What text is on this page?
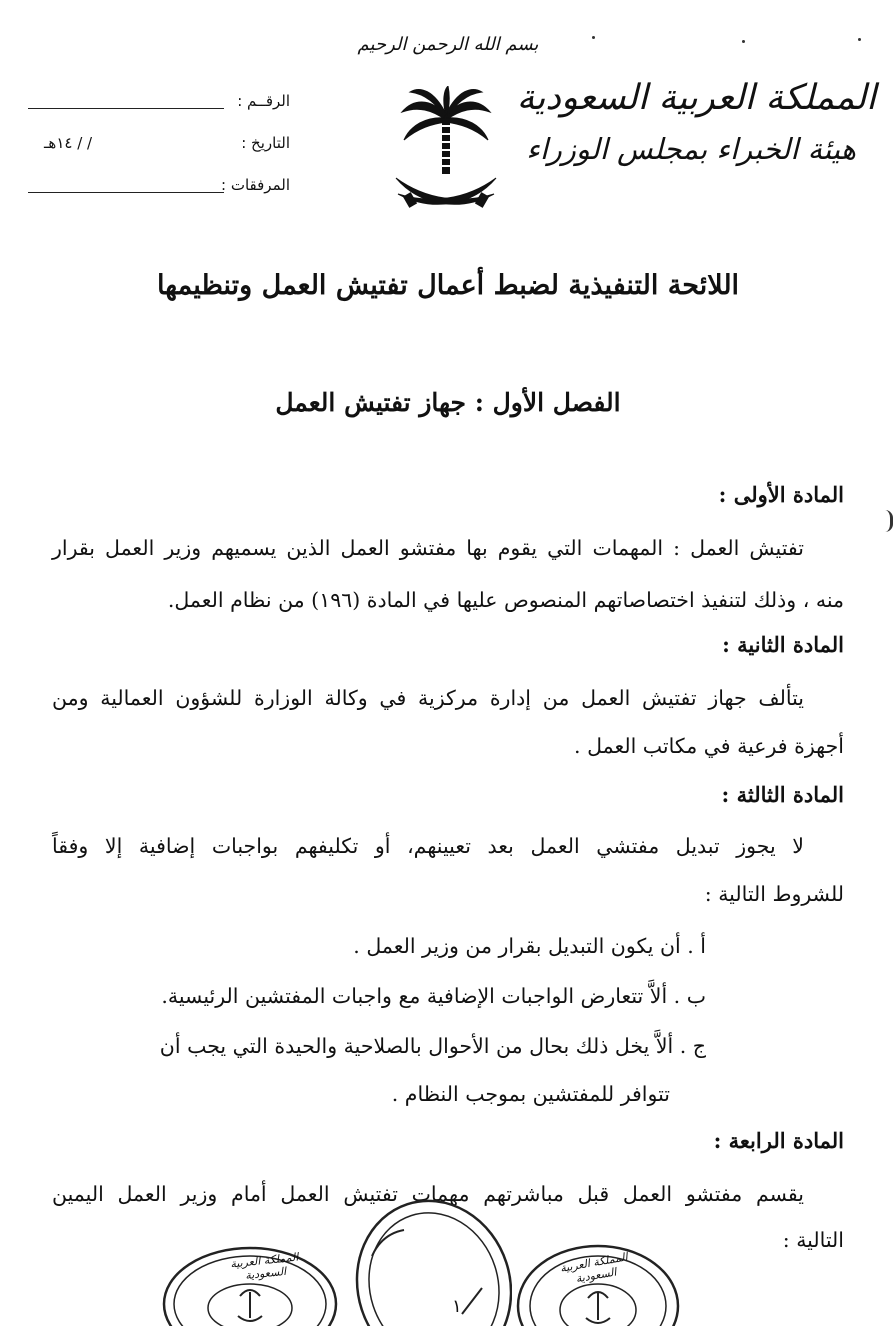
بسم الله الرحمن الرحيم
المملكة العربية السعودية
هيئة الخبراء بمجلس الوزراء
الرقــم :
التاريخ :
/ / ١٤هـ
المرفقات :
اللائحة التنفيذية لضبط أعمال تفتيش العمل وتنظيمها
الفصل الأول : جهاز تفتيش العمل
المادة الأولى :
تفتيش العمل : المهمات التي يقوم بها مفتشو العمل الذين يسميهم وزير العمل بقرار
منه ، وذلك لتنفيذ اختصاصاتهم المنصوص عليها في المادة (١٩٦) من نظام العمل.
المادة الثانية :
يتألف جهاز تفتيش العمل من إدارة مركزية في وكالة الوزارة للشؤون العمالية ومن
أجهزة فرعية في مكاتب العمل .
المادة الثالثة :
لا يجوز تبديل مفتشي العمل بعد تعيينهم، أو تكليفهم بواجبات إضافية إلا وفقاً
للشروط التالية :
أ . أن يكون التبديل بقرار من وزير العمل .
ب . ألاَّ تتعارض الواجبات الإضافية مع واجبات المفتشين الرئيسية.
ج . ألاَّ يخل ذلك بحال من الأحوال بالصلاحية والحيدة التي يجب أن
تتوافر للمفتشين بموجب النظام .
المادة الرابعة :
يقسم مفتشو العمل قبل مباشرتهم مهمات تفتيش العمل أمام وزير العمل اليمين
التالية :
المملكة العربية السعودية
١
المملكة العربية السعودية
